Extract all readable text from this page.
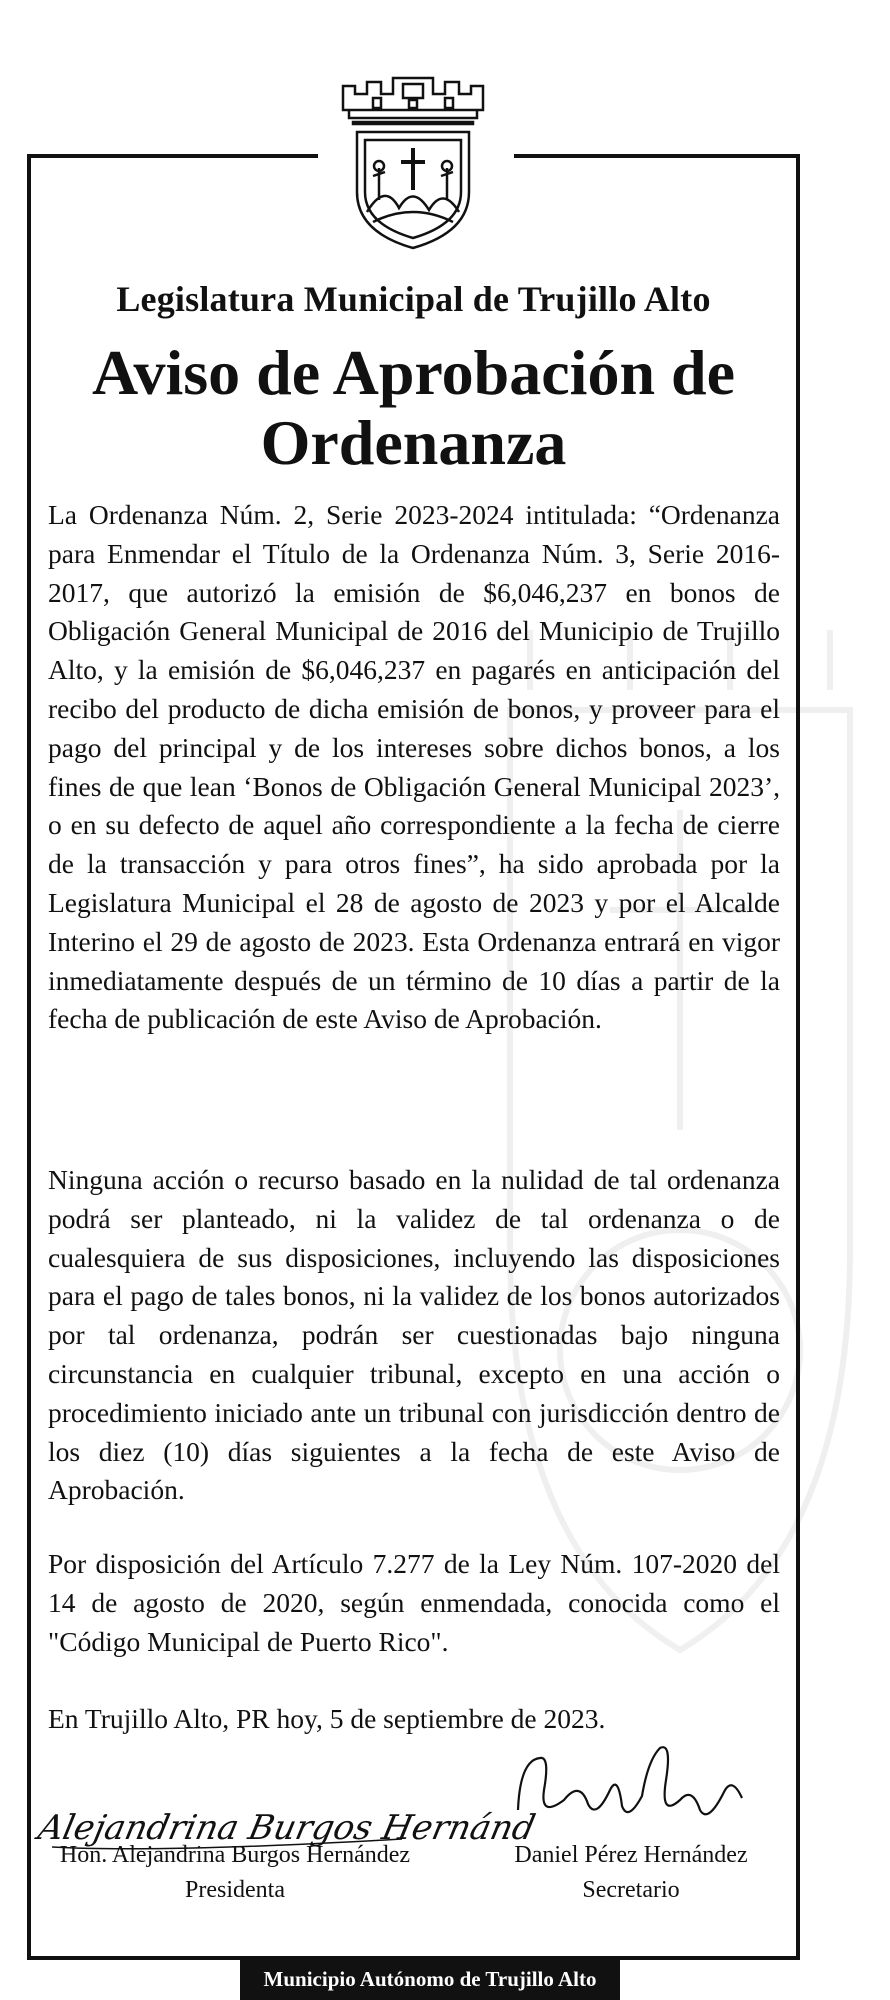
Legislatura Municipal de Trujillo Alto
Aviso de Aprobación de
Ordenanza
La Ordenanza Núm. 2, Serie 2023-2024 intitulada: “Ordenanza para Enmendar el Título de la Ordenanza Núm. 3, Serie 2016-2017, que autorizó la emisión de $6,046,237 en bonos de Obligación General Municipal de 2016 del Municipio de Trujillo Alto, y la emisión de $6,046,237 en pagarés en anticipación del recibo del producto de dicha emisión de bonos, y proveer para el pago del principal y de los intereses sobre dichos bonos, a los fines de que lean ‘Bonos de Obligación General Municipal 2023’, o en su defecto de aquel año correspondiente a la fecha de cierre de la transacción y para otros fines”, ha sido aprobada por la Legislatura Municipal el 28 de agosto de 2023 y por el Alcalde Interino el 29 de agosto de 2023. Esta Ordenanza entrará en vigor inmediatamente después de un término de 10 días a partir de la fecha de publicación de este Aviso de Aprobación.
Ninguna acción o recurso basado en la nulidad de tal ordenanza podrá ser planteado, ni la validez de tal ordenanza o de cualesquiera de sus disposiciones, incluyendo las disposiciones para el pago de tales bonos, ni la validez de los bonos autorizados por tal ordenanza, podrán ser cuestionadas bajo ninguna circunstancia en cualquier tribunal, excepto en una acción o procedimiento iniciado ante un tribunal con jurisdicción dentro de los diez (10) días siguientes a la fecha de este Aviso de Aprobación.
Por disposición del Artículo 7.277 de la Ley Núm. 107-2020 del 14 de agosto de 2020, según enmendada, conocida como el "Código Municipal de Puerto Rico".
En Trujillo Alto, PR hoy, 5 de septiembre de 2023.
Alejandrina Burgos Hernánd
Hon. Alejandrina Burgos Hernández
Presidenta
Daniel Pérez Hernández
Secretario
Municipio Autónomo de Trujillo Alto
